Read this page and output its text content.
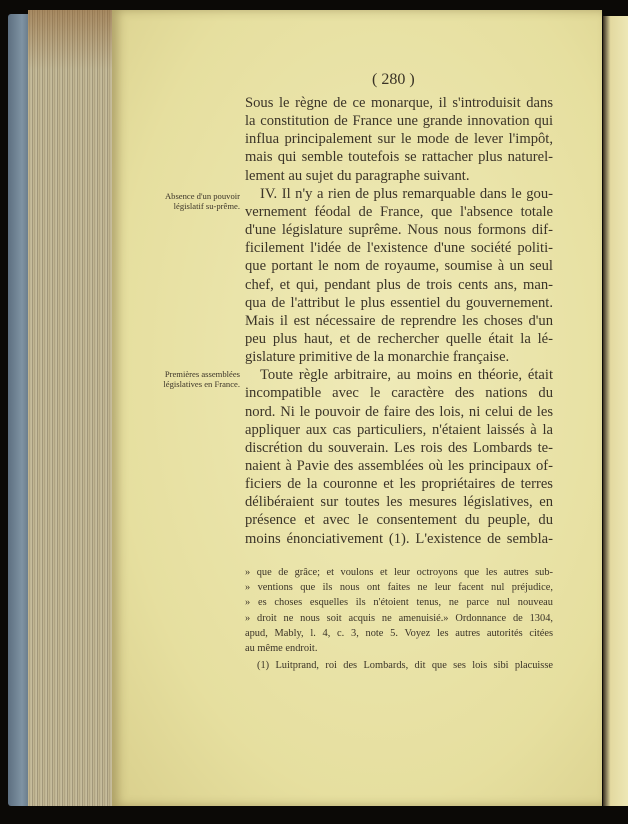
( 280 )
Sous le règne de ce monarque, il s'introduisit dans
la constitution de France une grande innovation qui
influa principalement sur le mode de lever l'impôt,
mais qui semble toutefois se rattacher plus naturel-
lement au sujet du paragraphe suivant.
IV. Il n'y a rien de plus remarquable dans le gou-
vernement féodal de France, que l'absence totale
d'une législature suprême. Nous nous formons dif-
ficilement l'idée de l'existence d'une société politi-
que portant le nom de royaume, soumise à un seul
chef, et qui, pendant plus de trois cents ans, man-
qua de l'attribut le plus essentiel du gouvernement.
Mais il est nécessaire de reprendre les choses d'un
peu plus haut, et de rechercher quelle était la lé-
gislature primitive de la monarchie française.
Toute règle arbitraire, au moins en théorie, était
incompatible avec le caractère des nations du
nord. Ni le pouvoir de faire des lois, ni celui de les
appliquer aux cas particuliers, n'étaient laissés à la
discrétion du souverain. Les rois des Lombards te-
naient à Pavie des assemblées où les principaux of-
ficiers de la couronne et les propriétaires de terres
délibéraient sur toutes les mesures législatives, en
présence et avec le consentement du peuple, du
moins énonciativement (1). L'existence de sembla-
» que de grâce; et voulons et leur octroyons que les autres sub-
» ventions que ils nous ont faites ne leur facent nul préjudice,
» es choses esquelles ils n'étoient tenus, ne parce nul nouveau
» droit ne nous soit acquis ne amenuisié.» Ordonnance de 1304,
apud, Mably, l. 4, c. 3, note 5. Voyez les autres autorités citées
au même endroit.
(1) Luitprand, roi des Lombards, dit que ses lois sibi placuisse
Absence d'un pouvoir législatif su-prême.
Premières assemblées législatives en France.
